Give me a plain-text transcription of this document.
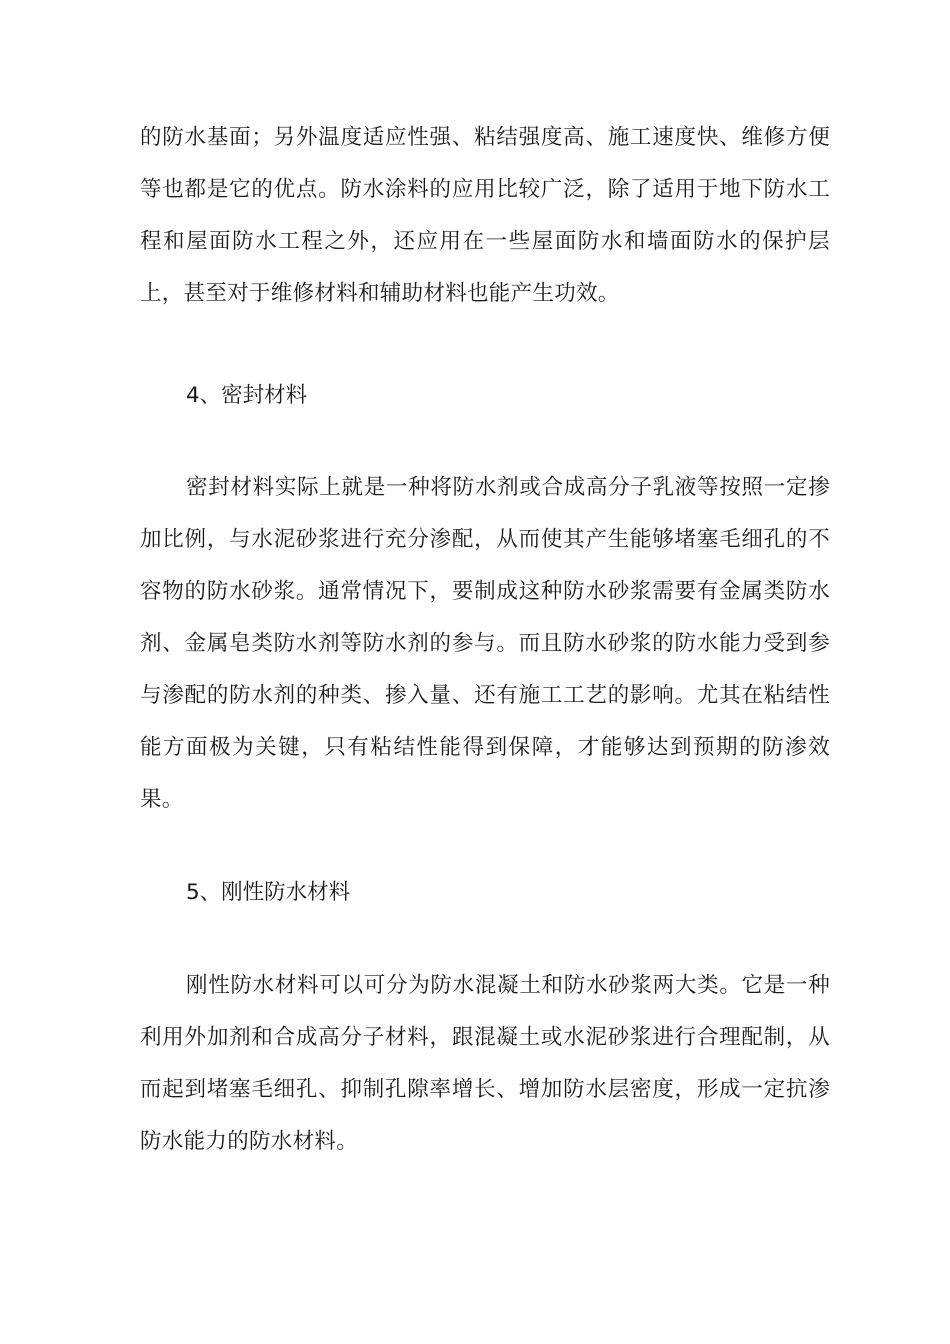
的防水基面；另外温度适应性强、粘结强度高、施工速度快、维修方便等也都是它的优点。防水涂料的应用比较广泛，除了适用于地下防水工程和屋面防水工程之外，还应用在一些屋面防水和墙面防水的保护层上，甚至对于维修材料和辅助材料也能产生功效。

4、密封材料

密封材料实际上就是一种将防水剂或合成高分子乳液等按照一定掺加比例，与水泥砂浆进行充分渗配，从而使其产生能够堵塞毛细孔的不容物的防水砂浆。通常情况下，要制成这种防水砂浆需要有金属类防水剂、金属皂类防水剂等防水剂的参与。而且防水砂浆的防水能力受到参与渗配的防水剂的种类、掺入量、还有施工工艺的影响。尤其在粘结性能方面极为关键，只有粘结性能得到保障，才能够达到预期的防渗效果。

5、刚性防水材料

刚性防水材料可以可分为防水混凝土和防水砂浆两大类。它是一种利用外加剂和合成高分子材料，跟混凝土或水泥砂浆进行合理配制，从而起到堵塞毛细孔、抑制孔隙率增长、增加防水层密度，形成一定抗渗防水能力的防水材料。
